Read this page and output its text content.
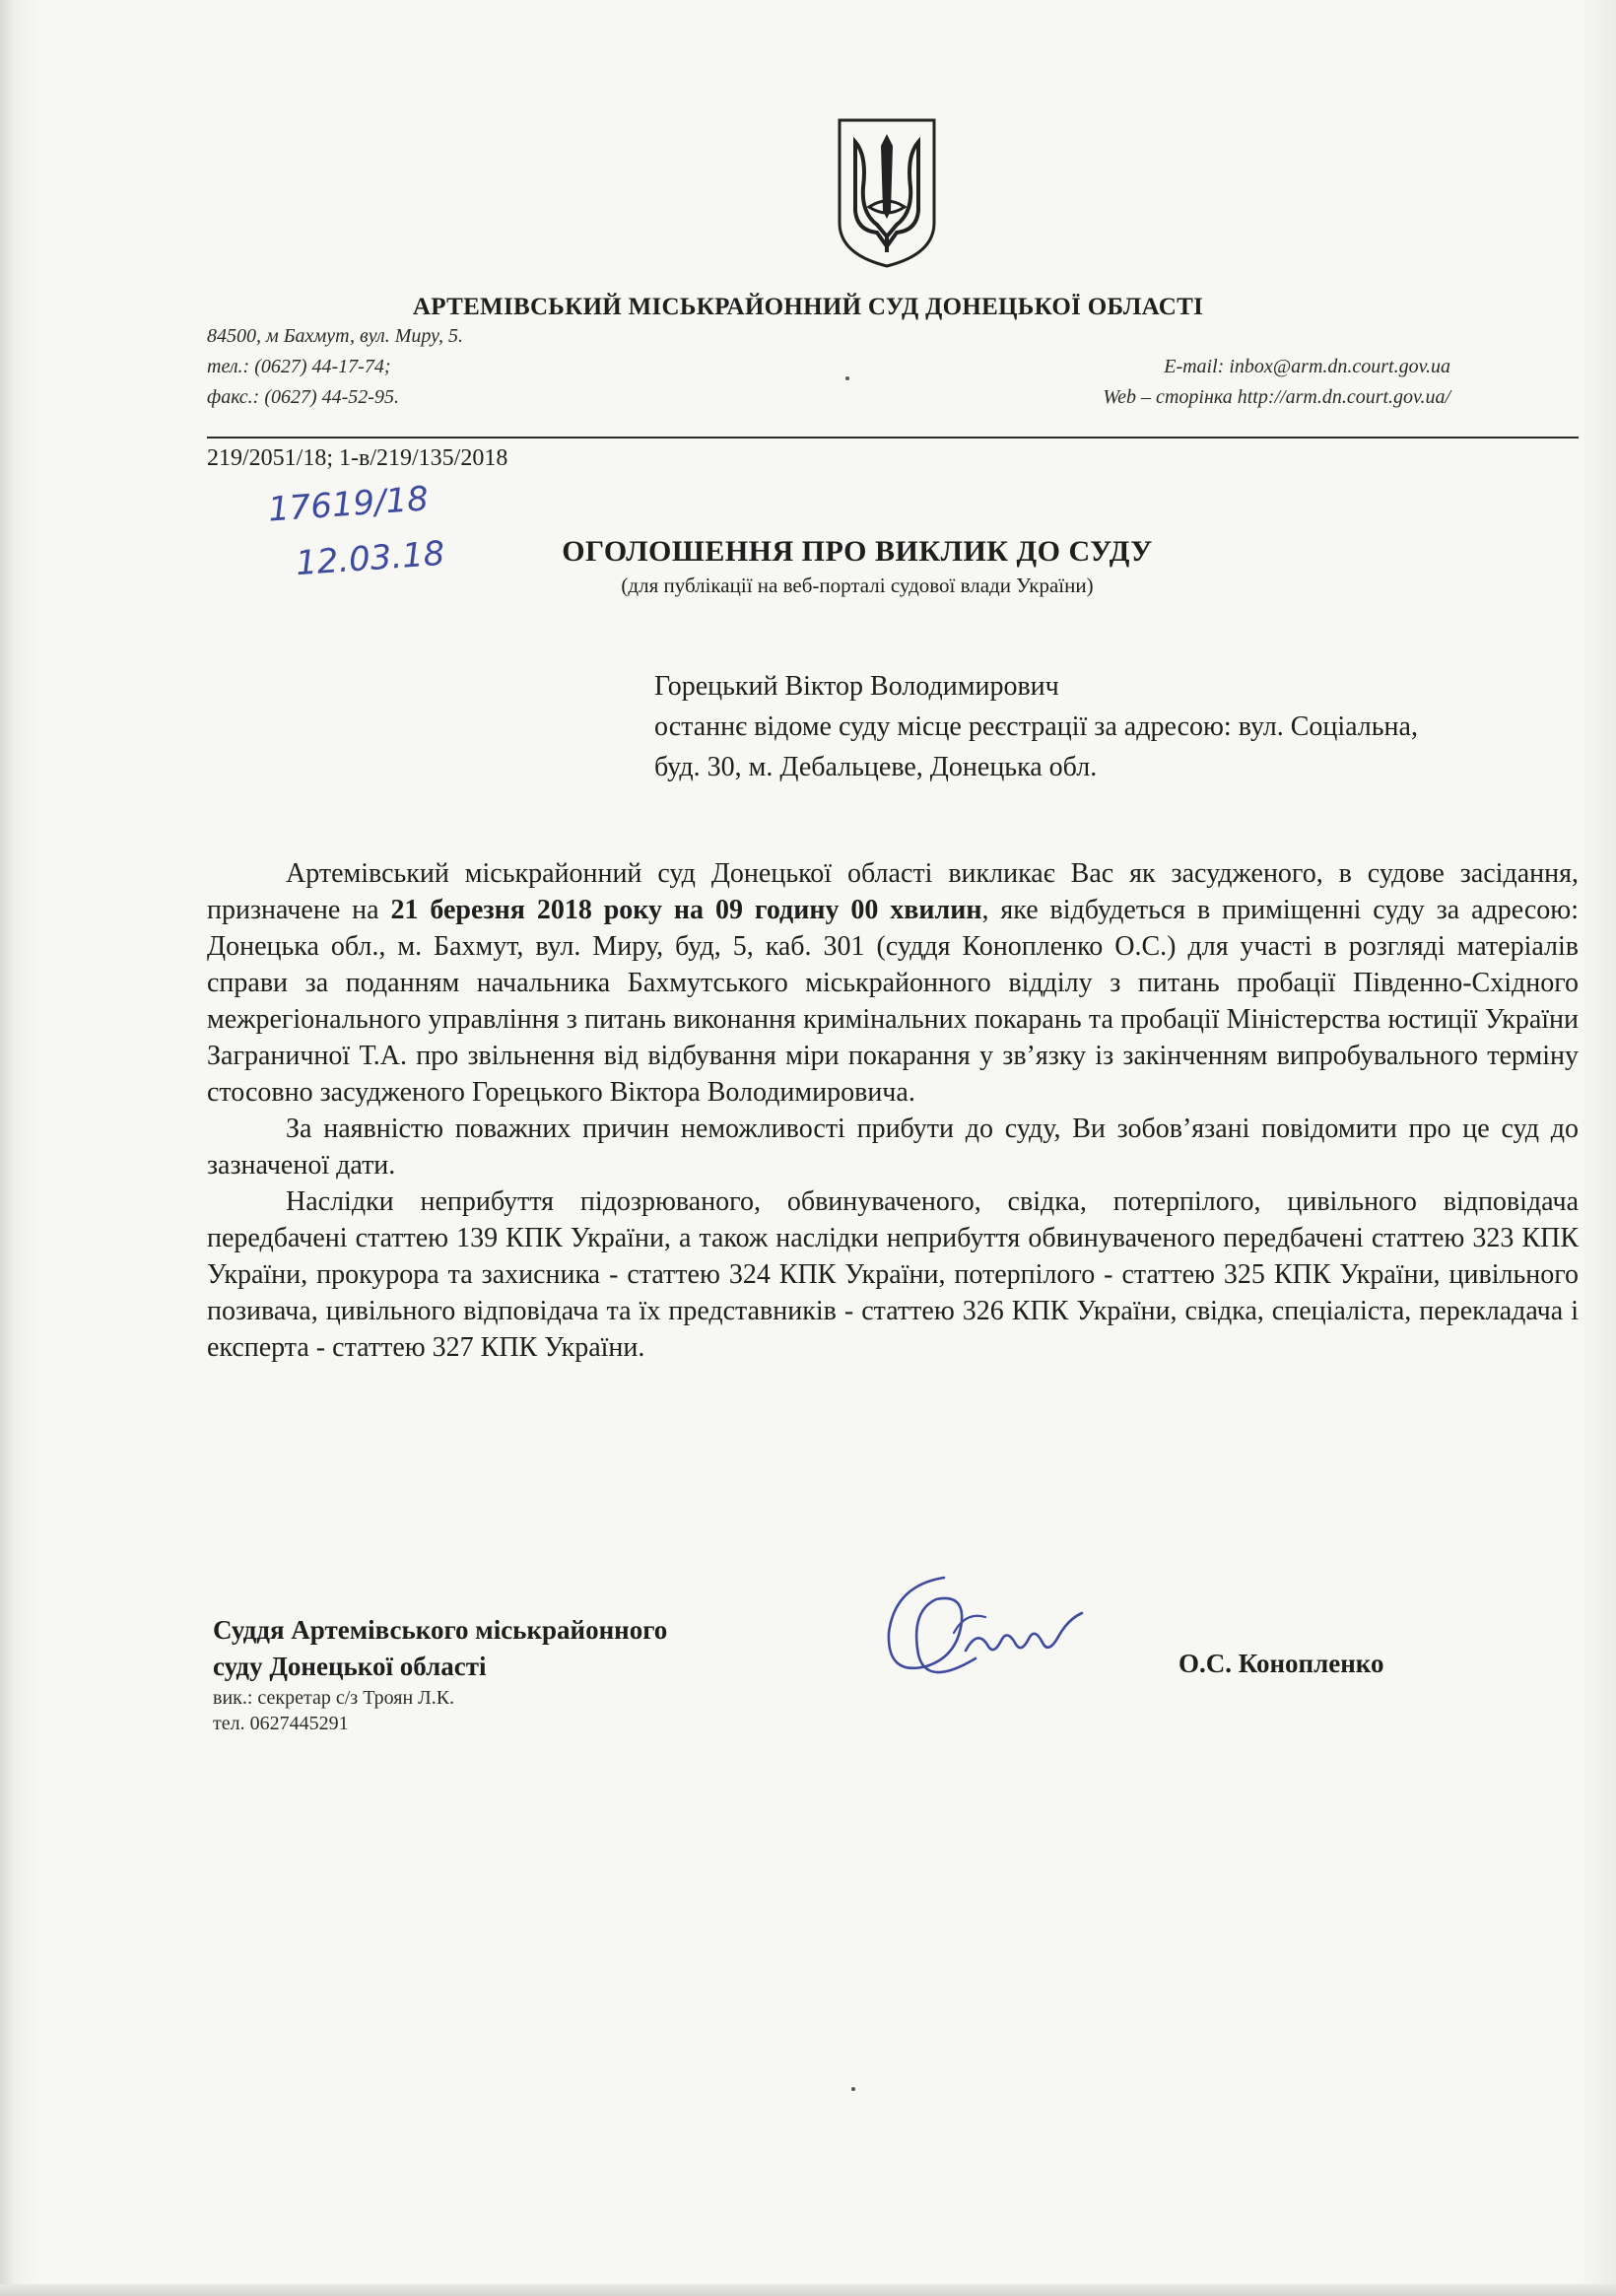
АРТЕМІВСЬКИЙ МІСЬКРАЙОННИЙ СУД ДОНЕЦЬКОЇ ОБЛАСТІ
84500, м Бахмут, вул. Миру, 5.
тел.: (0627) 44-17-74;
факс.: (0627) 44-52-95.
E-mail: inbox@arm.dn.court.gov.ua
Web – сторінка http://arm.dn.court.gov.ua/
219/2051/18; 1-в/219/135/2018
17619/18
12.03.18	ОГОЛОШЕННЯ ПРО ВИКЛИК ДО СУДУ
(для публікації на веб-порталі судової влади України)
Горецький Віктор Володимирович
останнє відоме суду місце реєстрації за адресою: вул. Соціальна,
буд. 30, м. Дебальцеве, Донецька обл.

Артемівський міськрайонний суд Донецької області викликає Вас як засудженого, в судове засідання, призначене на 21 березня 2018 року на 09 годину 00 хвилин, яке відбудеться в приміщенні суду за адресою: Донецька обл., м. Бахмут, вул. Миру, буд, 5, каб. 301 (суддя Конопленко О.С.) для участі в розгляді матеріалів справи за поданням начальника Бахмутського міськрайонного відділу з питань пробації Південно-Східного межрегіонального управління з питань виконання кримінальних покарань та пробації Міністерства юстиції України Заграничної Т.А. про звільнення від відбування міри покарання у зв’язку із закінченням випробувального терміну стосовно засудженого Горецького Віктора Володимировича.

За наявністю поважних причин неможливості прибути до суду, Ви зобов’язані повідомити про це суд до зазначеної дати.

Наслідки неприбуття підозрюваного, обвинуваченого, свідка, потерпілого, цивільного відповідача передбачені статтею 139 КПК України, а також наслідки неприбуття обвинуваченого передбачені статтею 323 КПК України, прокурора та захисника - статтею 324 КПК України, потерпілого - статтею 325 КПК України, цивільного позивача, цивільного відповідача та їх представників - статтею 326 КПК України, свідка, спеціаліста, перекладача і експерта - статтею 327 КПК України.

Суддя Артемівського міськрайонного
суду Донецької області
вик.: секретар с/з Троян Л.К.
тел. 0627445291
О.С. Конопленко
